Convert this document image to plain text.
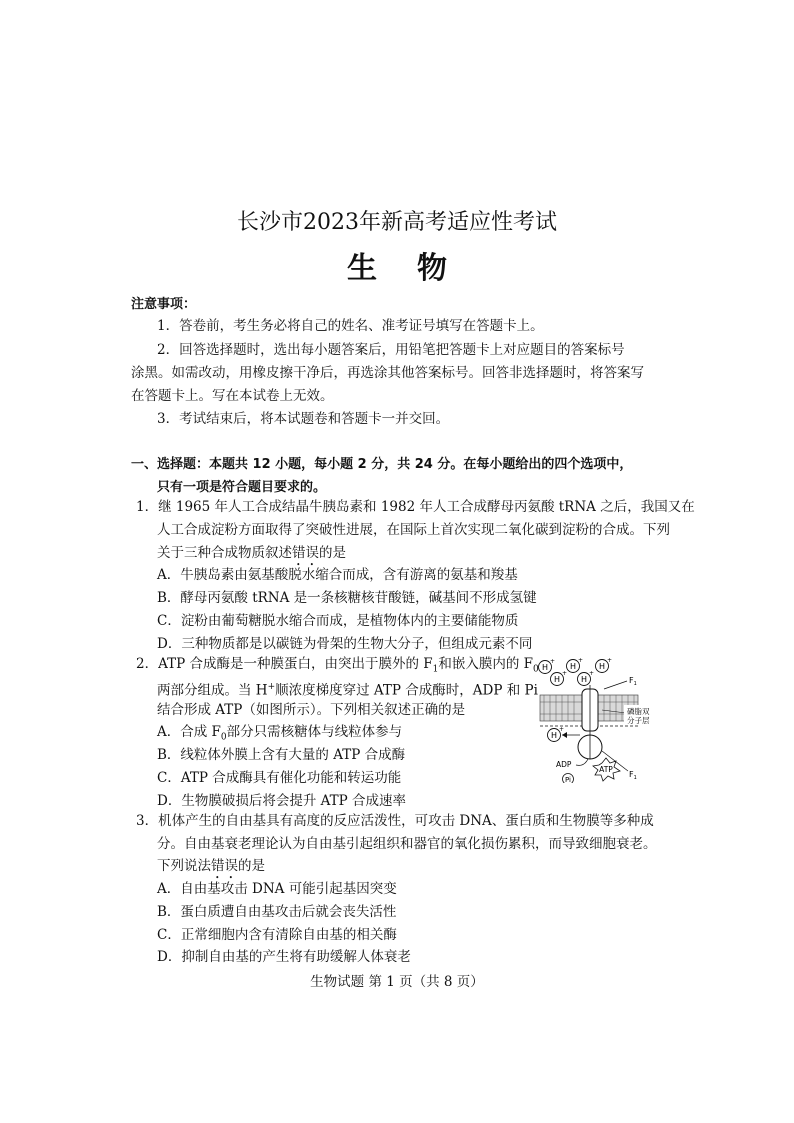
长沙市2023年新高考适应性考试
生物
注意事项：
1．答卷前，考生务必将自己的姓名、准考证号填写在答题卡上。
2．回答选择题时，选出每小题答案后，用铅笔把答题卡上对应题目的答案标号
涂黑。如需改动，用橡皮擦干净后，再选涂其他答案标号。回答非选择题时，将答案写
在答题卡上。写在本试卷上无效。
3．考试结束后，将本试题卷和答题卡一并交回。
一、选择题：本题共 12 小题，每小题 2 分，共 24 分。在每小题给出的四个选项中，
只有一项是符合题目要求的。
1．继 1965 年人工合成结晶牛胰岛素和 1982 年人工合成酵母丙氨酸 tRNA 之后，我国又在
人工合成淀粉方面取得了突破性进展，在国际上首次实现二氧化碳到淀粉的合成。下列
关于三种合成物质叙述错误的是
A．牛胰岛素由氨基酸脱水缩合而成，含有游离的氨基和羧基
B．酵母丙氨酸 tRNA 是一条核糖核苷酸链，碱基间不形成氢键
C．淀粉由葡萄糖脱水缩合而成，是植物体内的主要储能物质
D．三种物质都是以碳链为骨架的生物大分子，但组成元素不同
2．ATP 合成酶是一种膜蛋白，由突出于膜外的 $F_1$和嵌入膜内的 $F_0$
两部分组成。当 H+顺浓度梯度穿过 ATP 合成酶时，ADP 和 Pi
结合形成 ATP（如图所示）。下列相关叙述正确的是
A．合成 $F_0$部分只需核糖体与线粒体参与
B．线粒体外膜上含有大量的 ATP 合成酶
C．ATP 合成酶具有催化功能和转运功能
D．生物膜破损后将会提升 ATP 合成速率
H
+
H
+
H
+
H
+
H
+
$F_1$
磷脂双
分子层
H
+
ADP
Pi
ATP
$F_1$
3．机体产生的自由基具有高度的反应活泼性，可攻击 DNA、蛋白质和生物膜等多种成
分。自由基衰老理论认为自由基引起组织和器官的氧化损伤累积，而导致细胞衰老。
下列说法错误的是
A．自由基攻击 DNA 可能引起基因突变
B．蛋白质遭自由基攻击后就会丧失活性
C．正常细胞内含有清除自由基的相关酶
D．抑制自由基的产生将有助缓解人体衰老
生物试题 第 1 页（共 8 页）
